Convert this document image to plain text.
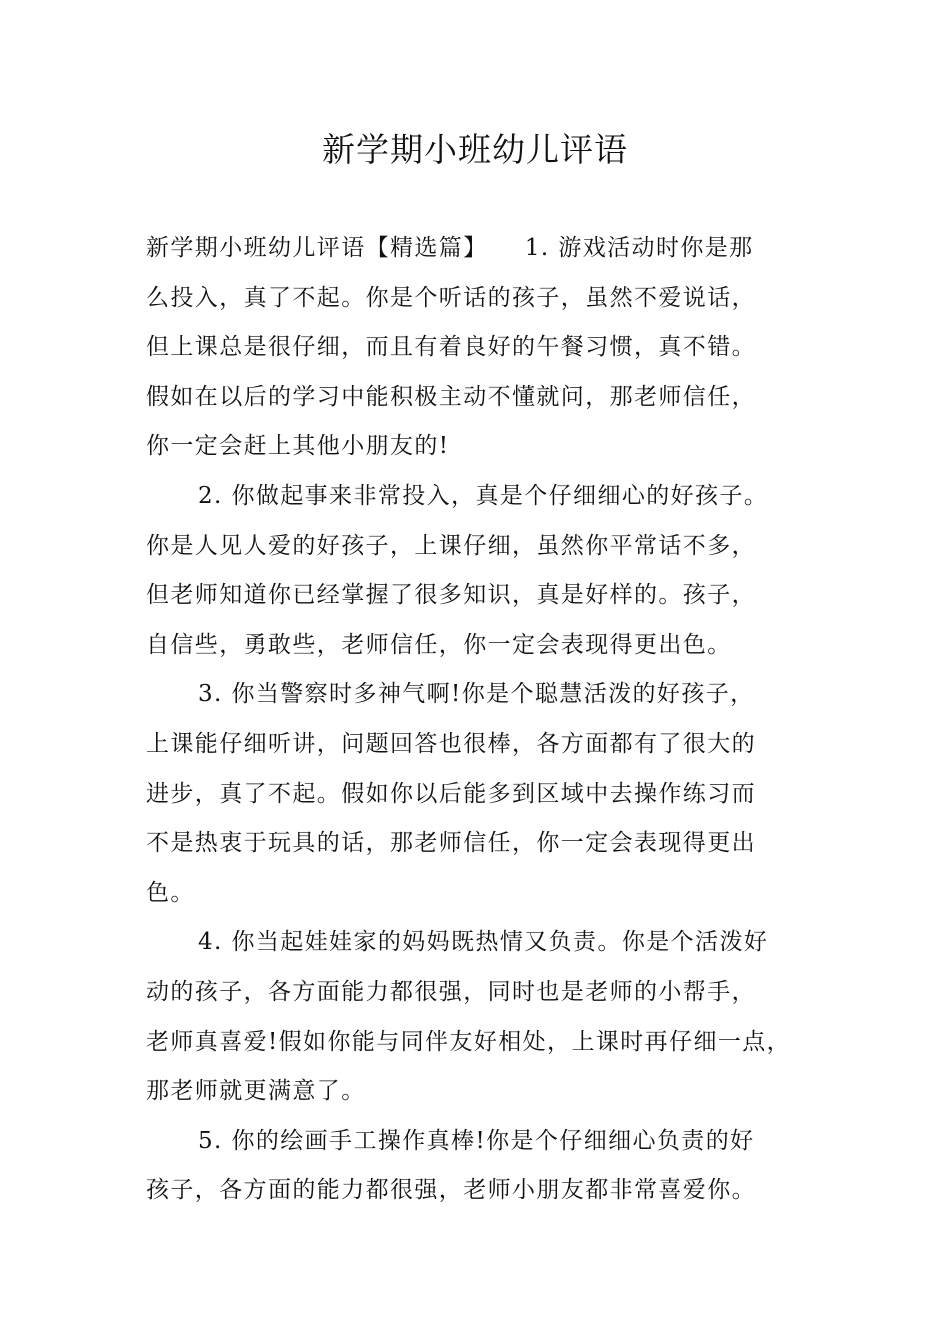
新学期小班幼儿评语
新学期小班幼儿评语【精选篇】　　1. 游戏活动时你是那
么投入，真了不起。你是个听话的孩子，虽然不爱说话，
但上课总是很仔细，而且有着良好的午餐习惯，真不错。
假如在以后的学习中能积极主动不懂就问，那老师信任，
你一定会赶上其他小朋友的!
2. 你做起事来非常投入，真是个仔细细心的好孩子。
你是人见人爱的好孩子，上课仔细，虽然你平常话不多，
但老师知道你已经掌握了很多知识，真是好样的。孩子，
自信些，勇敢些，老师信任，你一定会表现得更出色。
3. 你当警察时多神气啊!你是个聪慧活泼的好孩子，
上课能仔细听讲，问题回答也很棒，各方面都有了很大的
进步，真了不起。假如你以后能多到区域中去操作练习而
不是热衷于玩具的话，那老师信任，你一定会表现得更出
色。
4. 你当起娃娃家的妈妈既热情又负责。你是个活泼好
动的孩子，各方面能力都很强，同时也是老师的小帮手，
老师真喜爱!假如你能与同伴友好相处，上课时再仔细一点，
那老师就更满意了。
5. 你的绘画手工操作真棒!你是个仔细细心负责的好
孩子，各方面的能力都很强，老师小朋友都非常喜爱你。
